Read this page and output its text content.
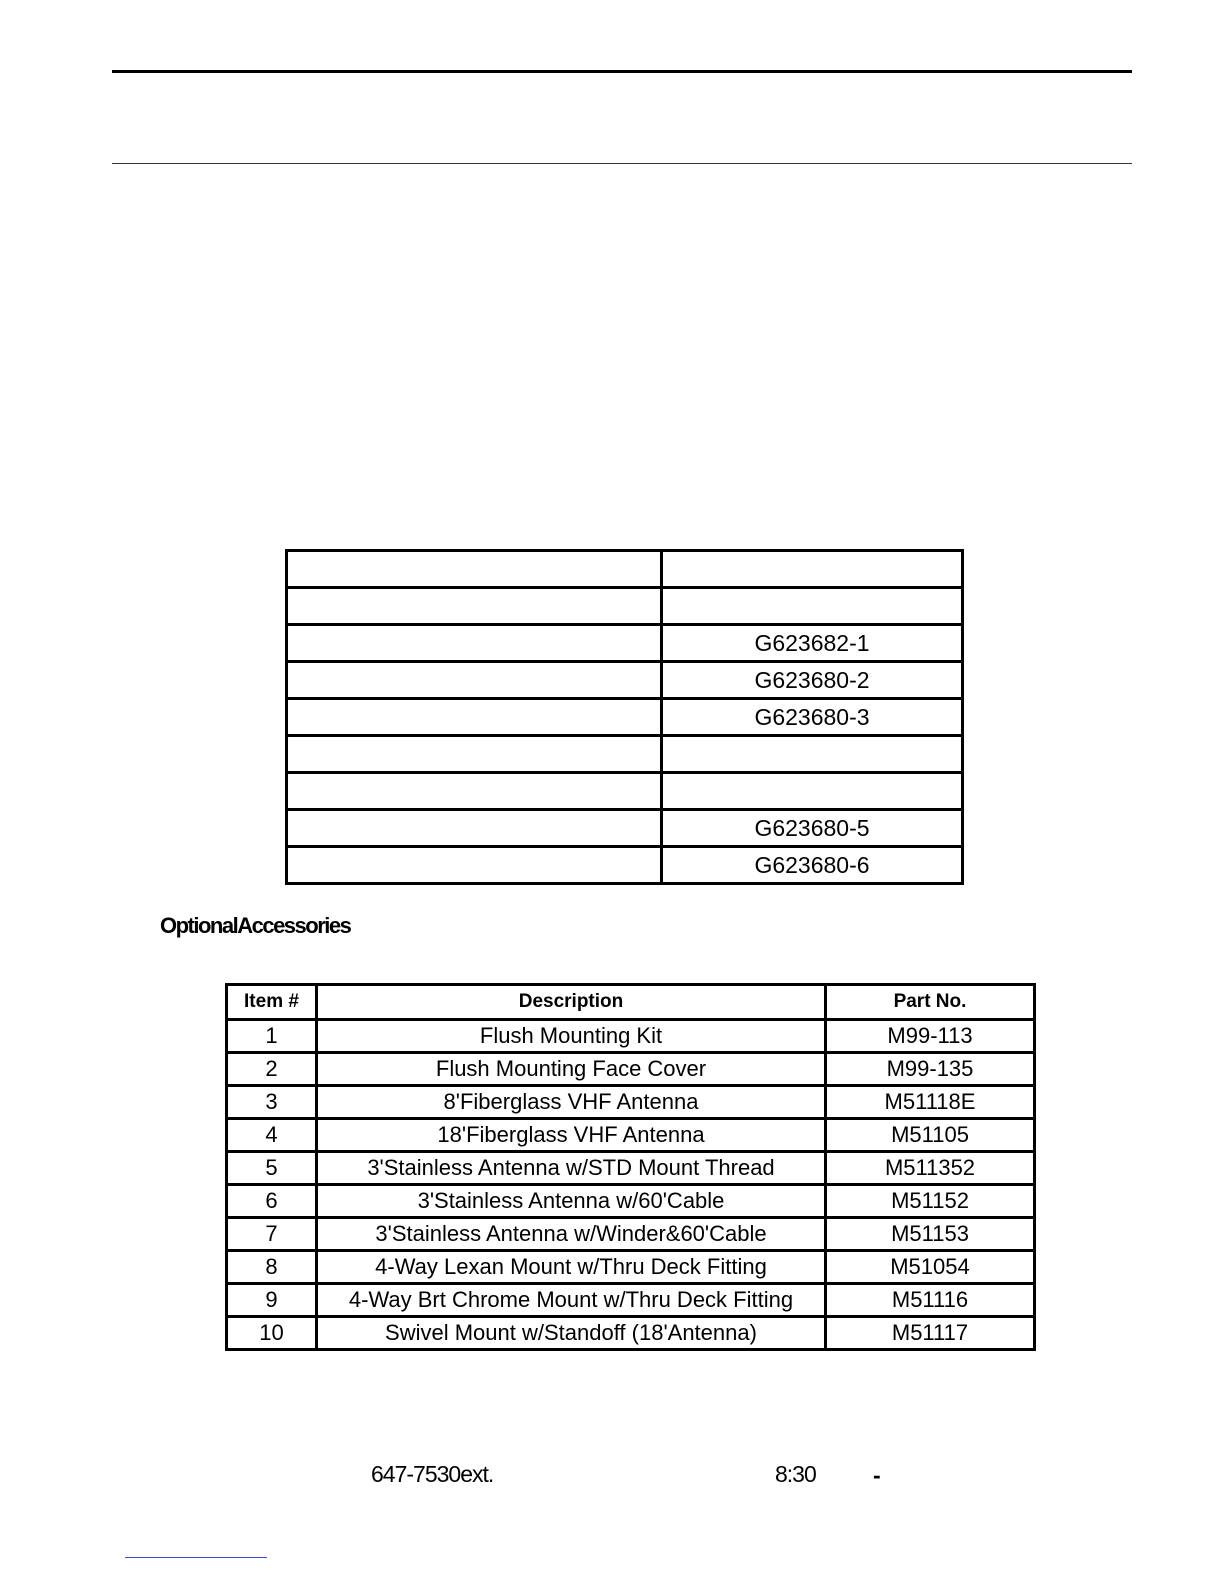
	G623682-1
	G623680-2
	G623680-3

	G623680-5
	G623680-6
OptionalAccessories
Item #	Description	Part No.
1	Flush Mounting Kit	M99-113
2	Flush Mounting Face Cover	M99-135
3	8'Fiberglass VHF Antenna	M51118E
4	18'Fiberglass VHF Antenna	M51105
5	3'Stainless Antenna w/STD Mount Thread	M511352
6	3'Stainless Antenna w/60'Cable	M51152
7	3'Stainless Antenna w/Winder&60'Cable	M51153
8	4-Way Lexan Mount w/Thru Deck Fitting	M51054
9	4-Way Brt Chrome Mount w/Thru Deck Fitting	M51116
10	Swivel Mount w/Standoff (18'Antenna)	M51117
647-7530ext.	8:30 -
